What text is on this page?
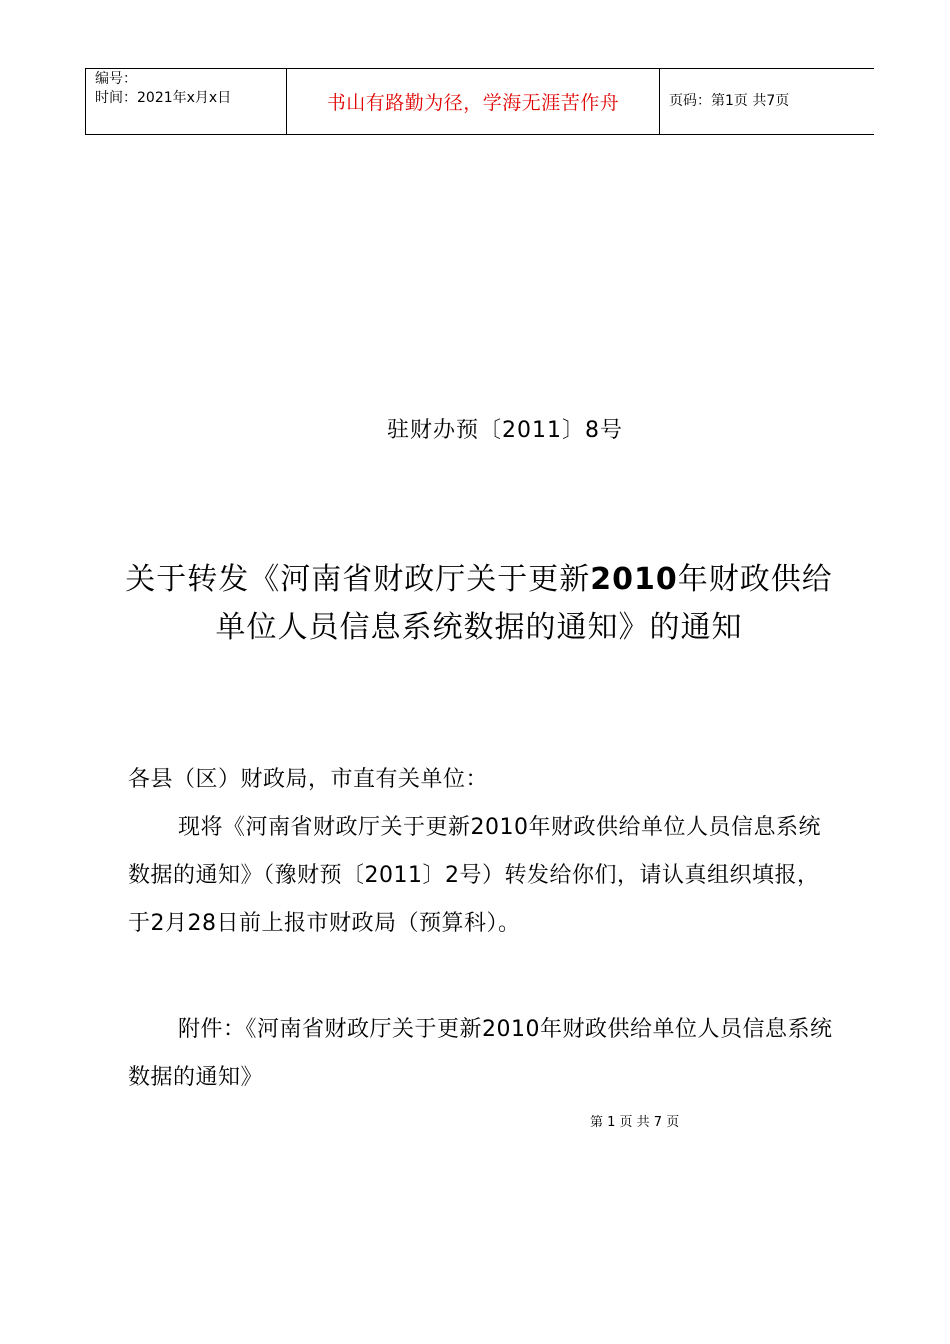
编号：
时间：2021年x月x日	书山有路勤为径，学海无涯苦作舟	页码：第1页 共7页
驻财办预〔2011〕8号
关于转发《河南省财政厅关于更新2010年财政供给单位人员信息系统数据的通知》的通知
各县（区）财政局，市直有关单位：
现将《河南省财政厅关于更新2010年财政供给单位人员信息系统数据的通知》（豫财预〔2011〕2号）转发给你们，请认真组织填报，于2月28日前上报市财政局（预算科）。
附件：《河南省财政厅关于更新2010年财政供给单位人员信息系统数据的通知》
第 1 页 共 7 页
